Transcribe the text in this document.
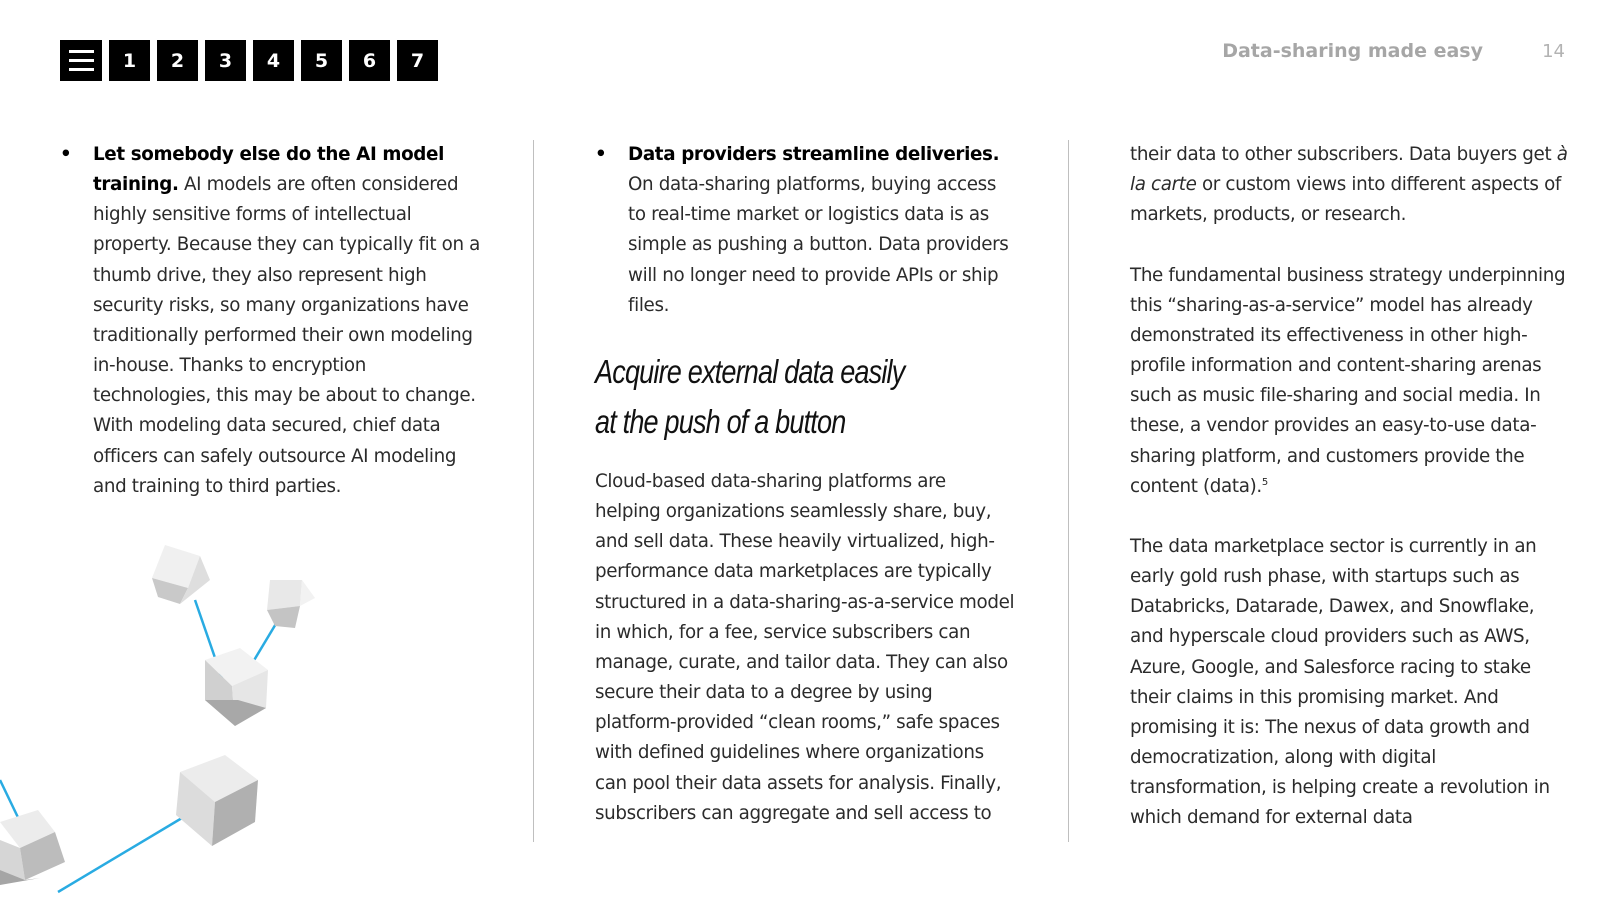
1	2	3	4	5	6	7	Data-sharing made easy	14
• Let somebody else do the AI model training. AI models are often considered highly sensitive forms of intellectual property. Because they can typically fit on a thumb drive, they also represent high security risks, so many organizations have traditionally performed their own modeling in-house. Thanks to encryption technologies, this may be about to change. With modeling data secured, chief data officers can safely outsource AI modeling and training to third parties.

• Data providers streamline deliveries. On data-sharing platforms, buying access to real-time market or logistics data is as simple as pushing a button. Data providers will no longer need to provide APIs or ship files.

Acquire external data easily
at the push of a button

Cloud-based data-sharing platforms are helping organizations seamlessly share, buy, and sell data. These heavily virtualized, high-performance data marketplaces are typically structured in a data-sharing-as-a-service model in which, for a fee, service subscribers can manage, curate, and tailor data. They can also secure their data to a degree by using platform-provided “clean rooms,” safe spaces with defined guidelines where organizations can pool their data assets for analysis. Finally, subscribers can aggregate and sell access to

their data to other subscribers. Data buyers get à la carte or custom views into different aspects of markets, products, or research.

The fundamental business strategy underpinning this “sharing-as-a-service” model has already demonstrated its effectiveness in other high-profile information and content-sharing arenas such as music file-sharing and social media. In these, a vendor provides an easy-to-use data-sharing platform, and customers provide the content (data).$^5$

The data marketplace sector is currently in an early gold rush phase, with startups such as Databricks, Datarade, Dawex, and Snowflake, and hyperscale cloud providers such as AWS, Azure, Google, and Salesforce racing to stake their claims in this promising market. And promising it is: The nexus of data growth and democratization, along with digital transformation, is helping create a revolution in which demand for external data
